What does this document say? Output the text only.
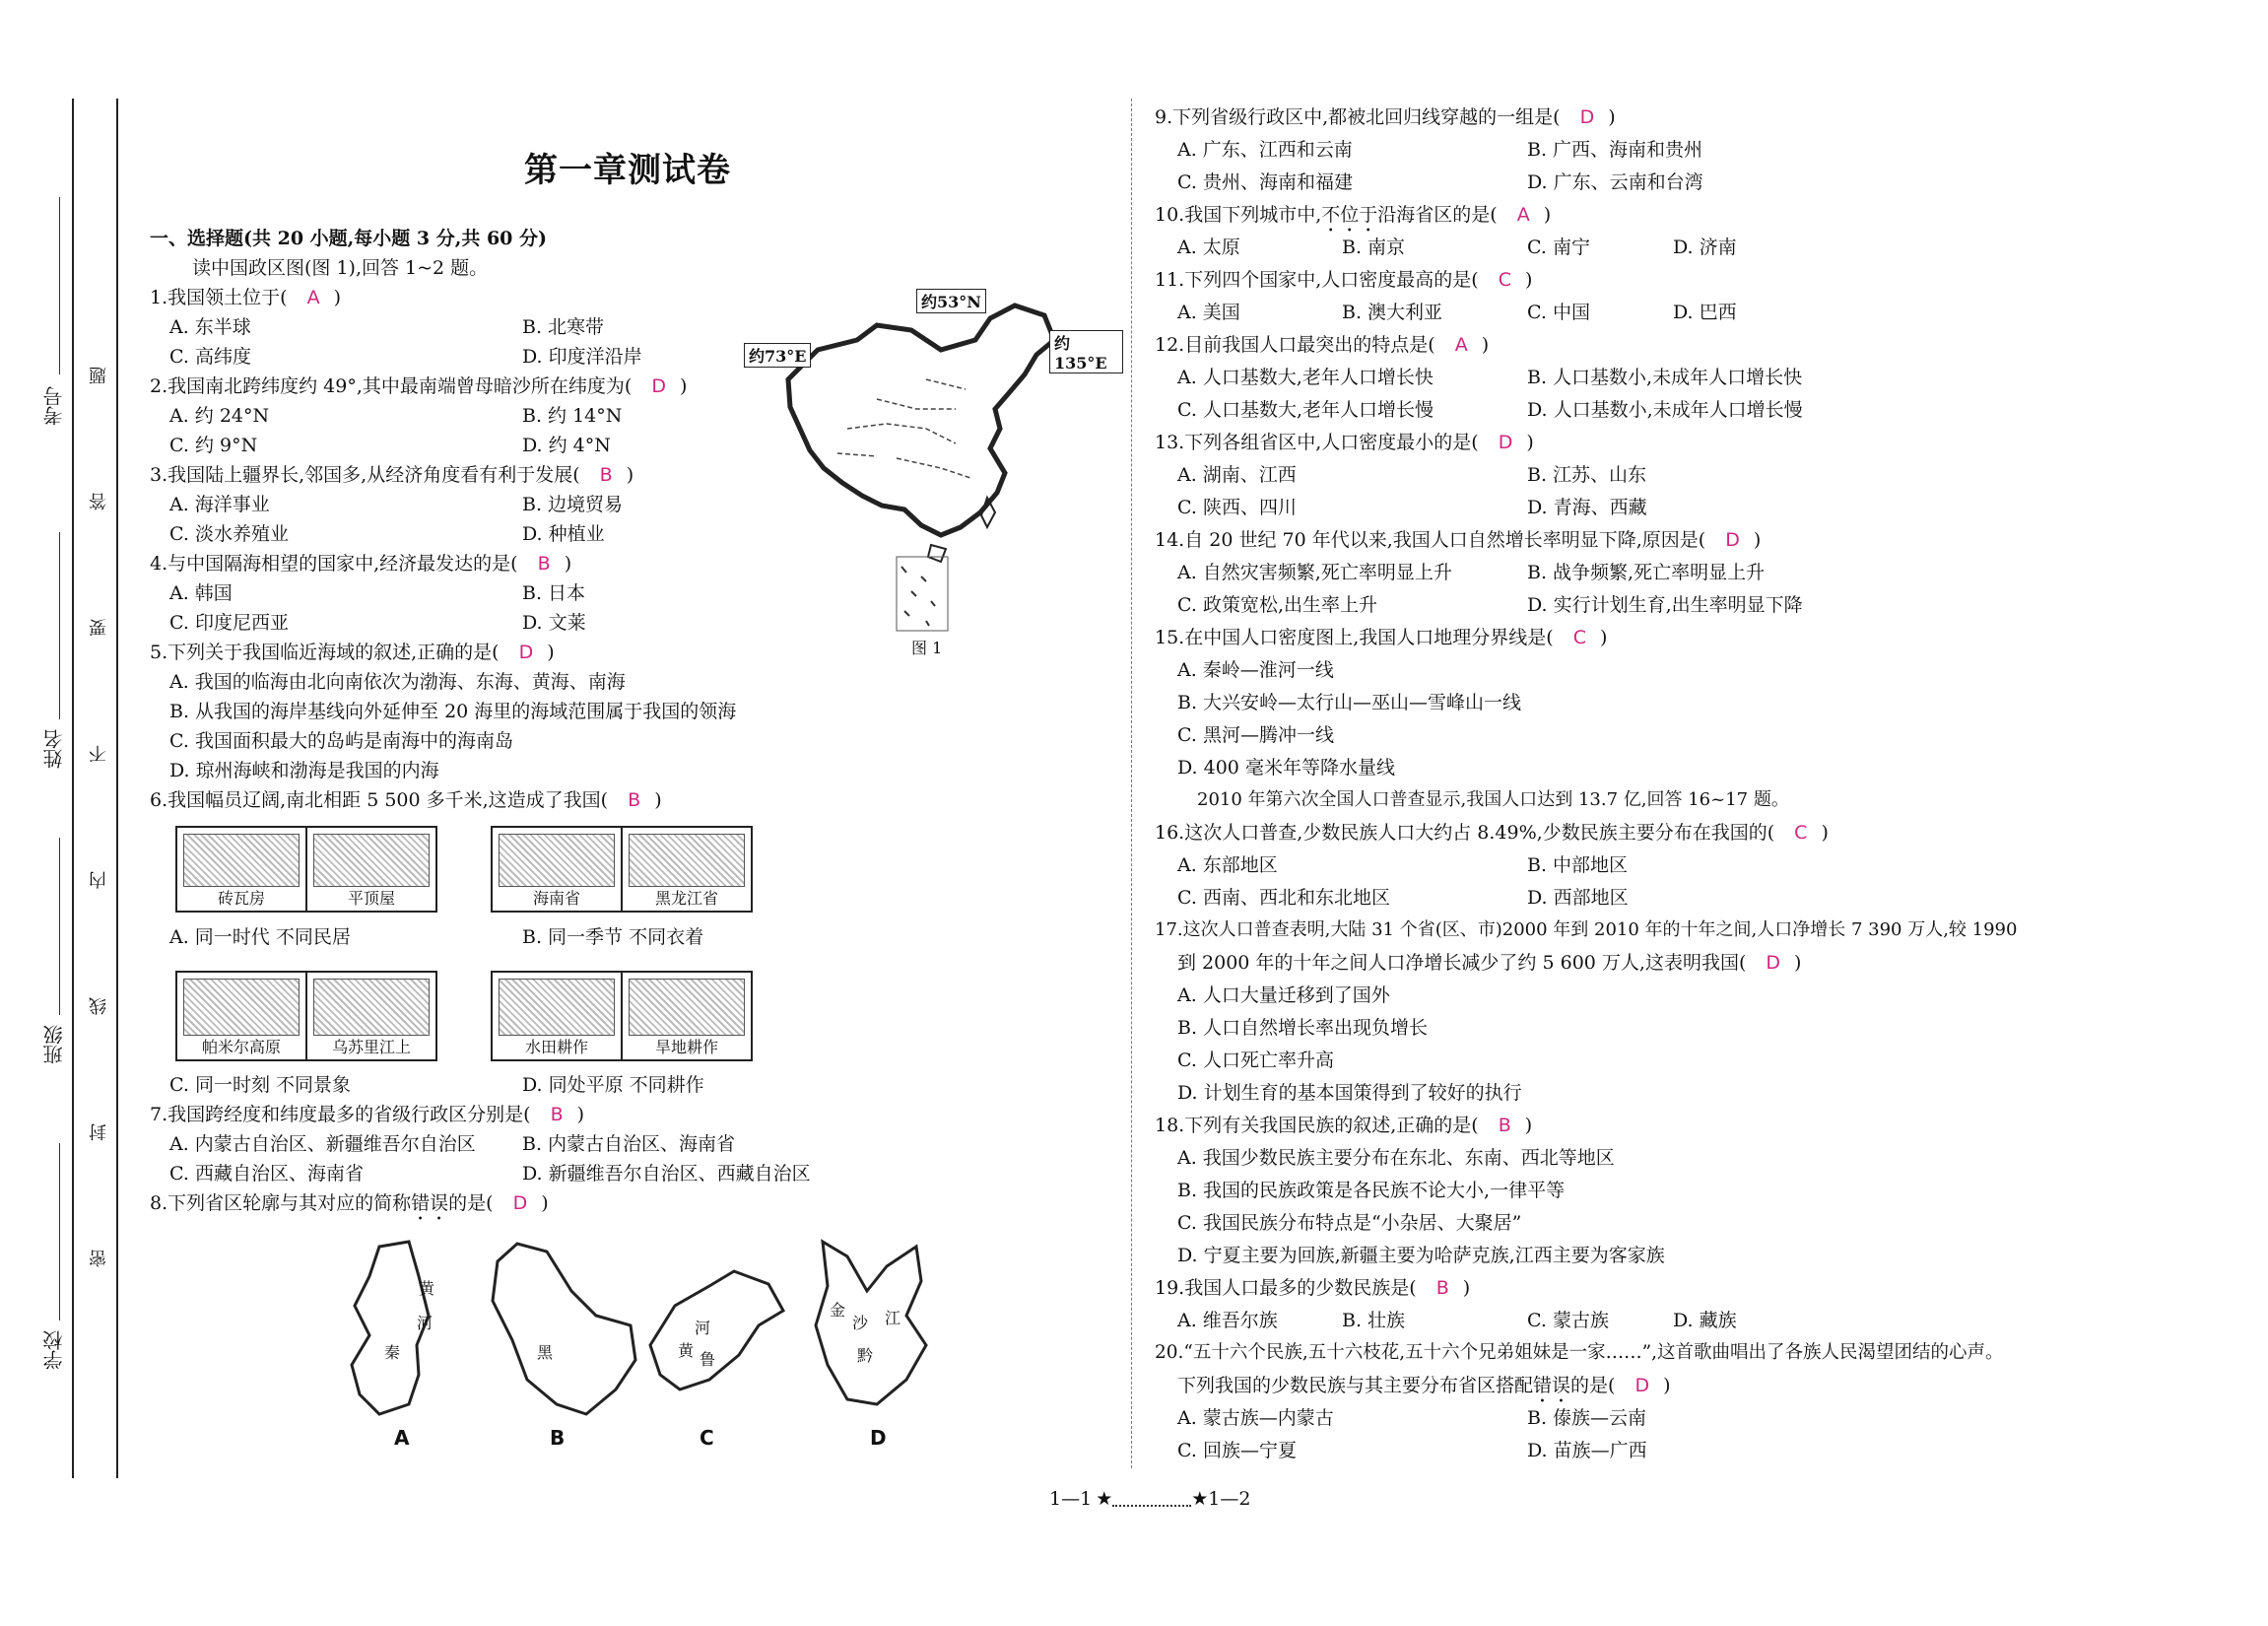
考号
姓名
班级
学校
题
答
要
不
内
线
封
密
第一章测试卷
一、选择题(共 20 小题,每小题 3 分,共 60 分)
读中国政区图(图 1),回答 1~2 题。
1.我国领土位于( A )
A. 东半球	B. 北寒带
C. 高纬度	D. 印度洋沿岸
2.我国南北跨纬度约 49°,其中最南端曾母暗沙所在纬度为( D )
A. 约 24°N	B. 约 14°N
C. 约 9°N	D. 约 4°N
3.我国陆上疆界长,邻国多,从经济角度看有利于发展( B )
A. 海洋事业	B. 边境贸易
C. 淡水养殖业	D. 种植业
4.与中国隔海相望的国家中,经济最发达的是( B )
A. 韩国	B. 日本
C. 印度尼西亚	D. 文莱
约53°N
约73°E
约135°E
图 1
5.下列关于我国临近海域的叙述,正确的是( D )
A. 我国的临海由北向南依次为渤海、东海、黄海、南海
B. 从我国的海岸基线向外延伸至 20 海里的海域范围属于我国的领海
C. 我国面积最大的岛屿是南海中的海南岛
D. 琼州海峡和渤海是我国的内海
6.我国幅员辽阔,南北相距 5 500 多千米,这造成了我国( B )
砖瓦房	平顶屋	海南省	黑龙江省
A. 同一时代 不同民居	B. 同一季节 不同衣着
帕米尔高原	乌苏里江上	水田耕作	旱地耕作
C. 同一时刻 不同景象	D. 同处平原 不同耕作
7.我国跨经度和纬度最多的省级行政区分别是( B )
A. 内蒙古自治区、新疆维吾尔自治区 B. 内蒙古自治区、海南省
C. 西藏自治区、海南省	D. 新疆维吾尔自治区、西藏自治区
8.下列省区轮廓与其对应的简称错误的是( D )
黄
河
秦	黑
河
黄 鲁
金
沙 江
黔
A	B	C	D
9.下列省级行政区中,都被北回归线穿越的一组是( D )
A. 广东、江西和云南	B. 广西、海南和贵州
C. 贵州、海南和福建	D. 广东、云南和台湾
10.我国下列城市中,不位于沿海省区的是( A )
A. 太原	B. 南京	C. 南宁	D. 济南
11.下列四个国家中,人口密度最高的是( C )
A. 美国	B. 澳大利亚	C. 中国	D. 巴西
12.目前我国人口最突出的特点是( A )
A. 人口基数大,老年人口增长快	B. 人口基数小,未成年人口增长快
C. 人口基数大,老年人口增长慢	D. 人口基数小,未成年人口增长慢
13.下列各组省区中,人口密度最小的是( D )
A. 湖南、江西	B. 江苏、山东
C. 陕西、四川	D. 青海、西藏
14.自 20 世纪 70 年代以来,我国人口自然增长率明显下降,原因是( D )
A. 自然灾害频繁,死亡率明显上升	B. 战争频繁,死亡率明显上升
C. 政策宽松,出生率上升	D. 实行计划生育,出生率明显下降
15.在中国人口密度图上,我国人口地理分界线是( C )
A. 秦岭—淮河一线
B. 大兴安岭—太行山—巫山—雪峰山一线
C. 黑河—腾冲一线
D. 400 毫米年等降水量线
2010 年第六次全国人口普查显示,我国人口达到 13.7 亿,回答 16~17 题。
16.这次人口普查,少数民族人口大约占 8.49%,少数民族主要分布在我国的( C )
A. 东部地区	B. 中部地区
C. 西南、西北和东北地区	D. 西部地区
17.这次人口普查表明,大陆 31 个省(区、市)2000 年到 2010 年的十年之间,人口净增长 7 390 万人,较 1990
到 2000 年的十年之间人口净增长减少了约 5 600 万人,这表明我国( D )
A. 人口大量迁移到了国外
B. 人口自然增长率出现负增长
C. 人口死亡率升高
D. 计划生育的基本国策得到了较好的执行
18.下列有关我国民族的叙述,正确的是( B )
A. 我国少数民族主要分布在东北、东南、西北等地区
B. 我国的民族政策是各民族不论大小,一律平等
C. 我国民族分布特点是“小杂居、大聚居”
D. 宁夏主要为回族,新疆主要为哈萨克族,江西主要为客家族
19.我国人口最多的少数民族是( B )
A. 维吾尔族	B. 壮族	C. 蒙古族	D. 藏族
20.“五十六个民族,五十六枝花,五十六个兄弟姐妹是一家……”,这首歌曲唱出了各族人民渴望团结的心声。
下列我国的少数民族与其主要分布省区搭配错误的是( D )
A. 蒙古族—内蒙古	B. 傣族—云南
C. 回族—宁夏	D. 苗族—广西
1—1 ★	★ 1—2
